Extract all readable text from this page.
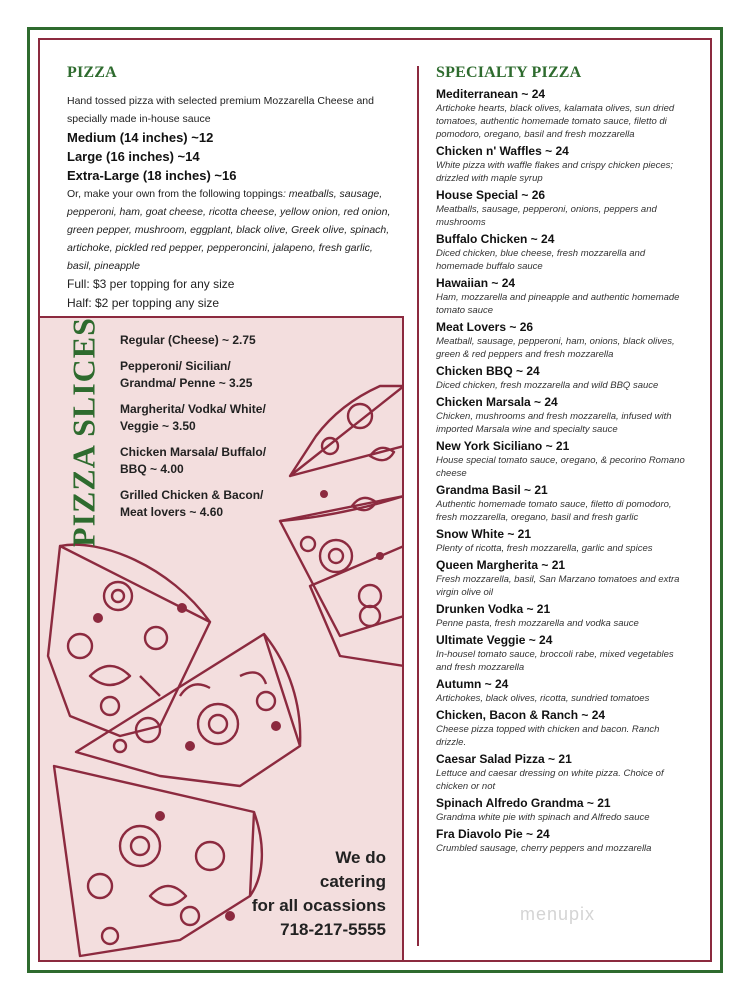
PIZZA
Hand tossed pizza with selected premium Mozzarella Cheese and specially made in-house sauce
Medium (14 inches) ~12
Large (16 inches) ~14
Extra-Large (18 inches) ~16
Or, make your own from the following toppings: meatballs, sausage, pepperoni, ham, goat cheese, ricotta cheese, yellow onion, red onion, green pepper, mushroom, eggplant, black olive, Greek olive, spinach, artichoke, pickled red pepper, pepperoncini, jalapeno, fresh garlic, basil, pineapple
Full: $3 per topping for any size
Half: $2 per topping any size
PIZZA SLICES Regular (Cheese) ~ 2.75
Pepperoni/ Sicilian/ Grandma/ Penne ~ 3.25
Margherita/ Vodka/ White/ Veggie ~ 3.50
Chicken Marsala/ Buffalo/ BBQ ~ 4.00
Grilled Chicken & Bacon/ Meat lovers ~ 4.60
We do
catering
for all ocassions
718-217-5555
SPECIALTY PIZZA
Mediterranean ~ 24
Artichoke hearts, black olives, kalamata olives, sun dried tomatoes, authentic homemade tomato sauce, filetto di pomodoro, oregano, basil and fresh mozzarella
Chicken n' Waffles ~ 24
White pizza with waffle flakes and crispy chicken pieces; drizzled with maple syrup
House Special ~ 26
Meatballs, sausage, pepperoni, onions, peppers and mushrooms
Buffalo Chicken ~ 24
Diced chicken, blue cheese, fresh mozzarella and homemade buffalo sauce
Hawaiian ~ 24
Ham, mozzarella and pineapple and authentic homemade tomato sauce
Meat Lovers ~ 26
Meatball, sausage, pepperoni, ham, onions, black olives, green & red peppers and fresh mozzarella
Chicken BBQ ~ 24
Diced chicken, fresh mozzarella and wild BBQ sauce
Chicken Marsala ~ 24
Chicken, mushrooms and fresh mozzarella, infused with imported Marsala wine and specialty sauce
New York Siciliano ~ 21
House special tomato sauce, oregano, & pecorino Romano cheese
Grandma Basil ~ 21
Authentic homemade tomato sauce, filetto di pomodoro, fresh mozzarella, oregano, basil and fresh garlic
Snow White ~ 21
Plenty of ricotta, fresh mozzarella, garlic and spices
Queen Margherita ~ 21
Fresh mozzarella, basil, San Marzano tomatoes and extra virgin olive oil
Drunken Vodka ~ 21
Penne pasta, fresh mozzarella and vodka sauce
Ultimate Veggie ~ 24
In-housel tomato sauce, broccoli rabe, mixed vegetables and fresh mozzarella
Autumn ~ 24
Artichokes, black olives, ricotta, sundried tomatoes
Chicken, Bacon & Ranch ~ 24
Cheese pizza topped with chicken and bacon. Ranch drizzle.
Caesar Salad Pizza ~ 21
Lettuce and caesar dressing on white pizza. Choice of chicken or not
Spinach Alfredo Grandma ~ 21
Grandma white pie with spinach and Alfredo sauce
Fra Diavolo Pie ~ 24
Crumbled sausage, cherry peppers and mozzarella
menupix
